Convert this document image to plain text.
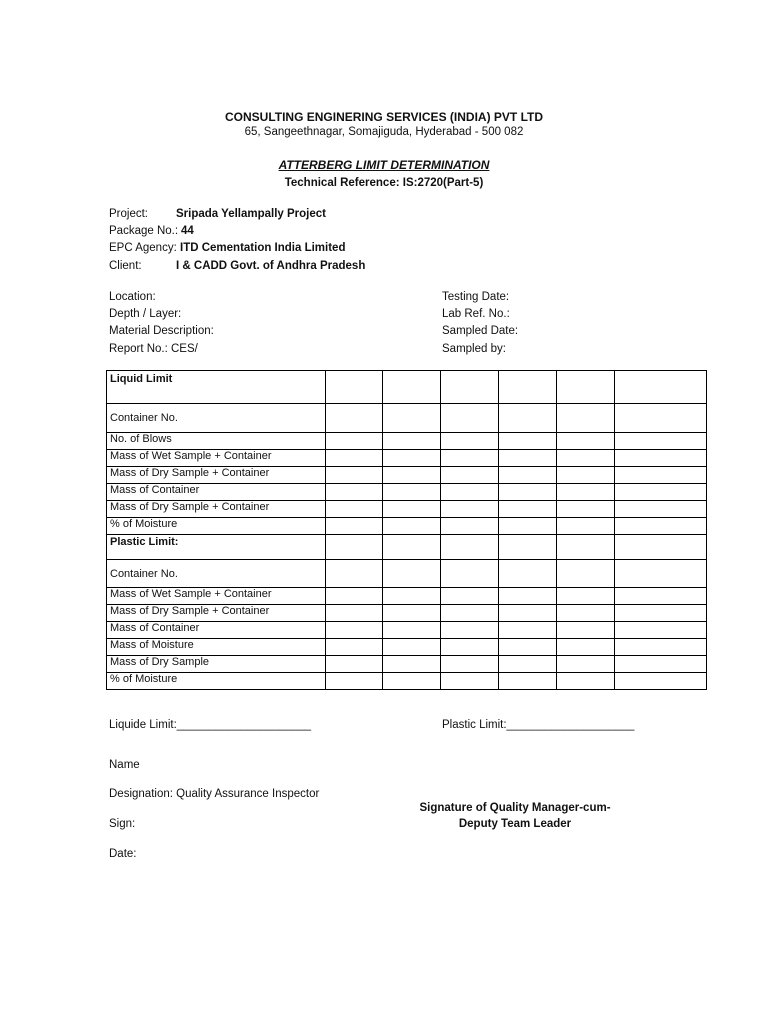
CONSULTING ENGINERING SERVICES (INDIA) PVT LTD
65, Sangeethnagar, Somajiguda, Hyderabad - 500 082
ATTERBERG LIMIT DETERMINATION
Technical Reference: IS:2720(Part-5)
Project: Sripada Yellampally Project
Package No.: 44
EPC Agency: ITD Cementation India Limited
Client:	I & CADD Govt. of Andhra Pradesh
Location:
Depth / Layer:
Material Description:
Report No.: CES/
Testing Date:
Lab Ref. No.:
Sampled Date:
Sampled by:
Liquid Limit						
Container No.						
No. of Blows						
Mass of Wet Sample + Container						
Mass of Dry Sample + Container						
Mass of Container						
Mass of Dry Sample + Container						
% of Moisture						
Plastic Limit:						
Container No.						
Mass of Wet Sample + Container						
Mass of Dry Sample + Container						
Mass of Container						
Mass of Moisture						
Mass of Dry Sample						
% of Moisture						
Liquide Limit:_____________________	Plastic Limit:____________________
Name
Designation: Quality Assurance Inspector
Sign:
Date:
Signature of Quality Manager-cum-
Deputy Team Leader
